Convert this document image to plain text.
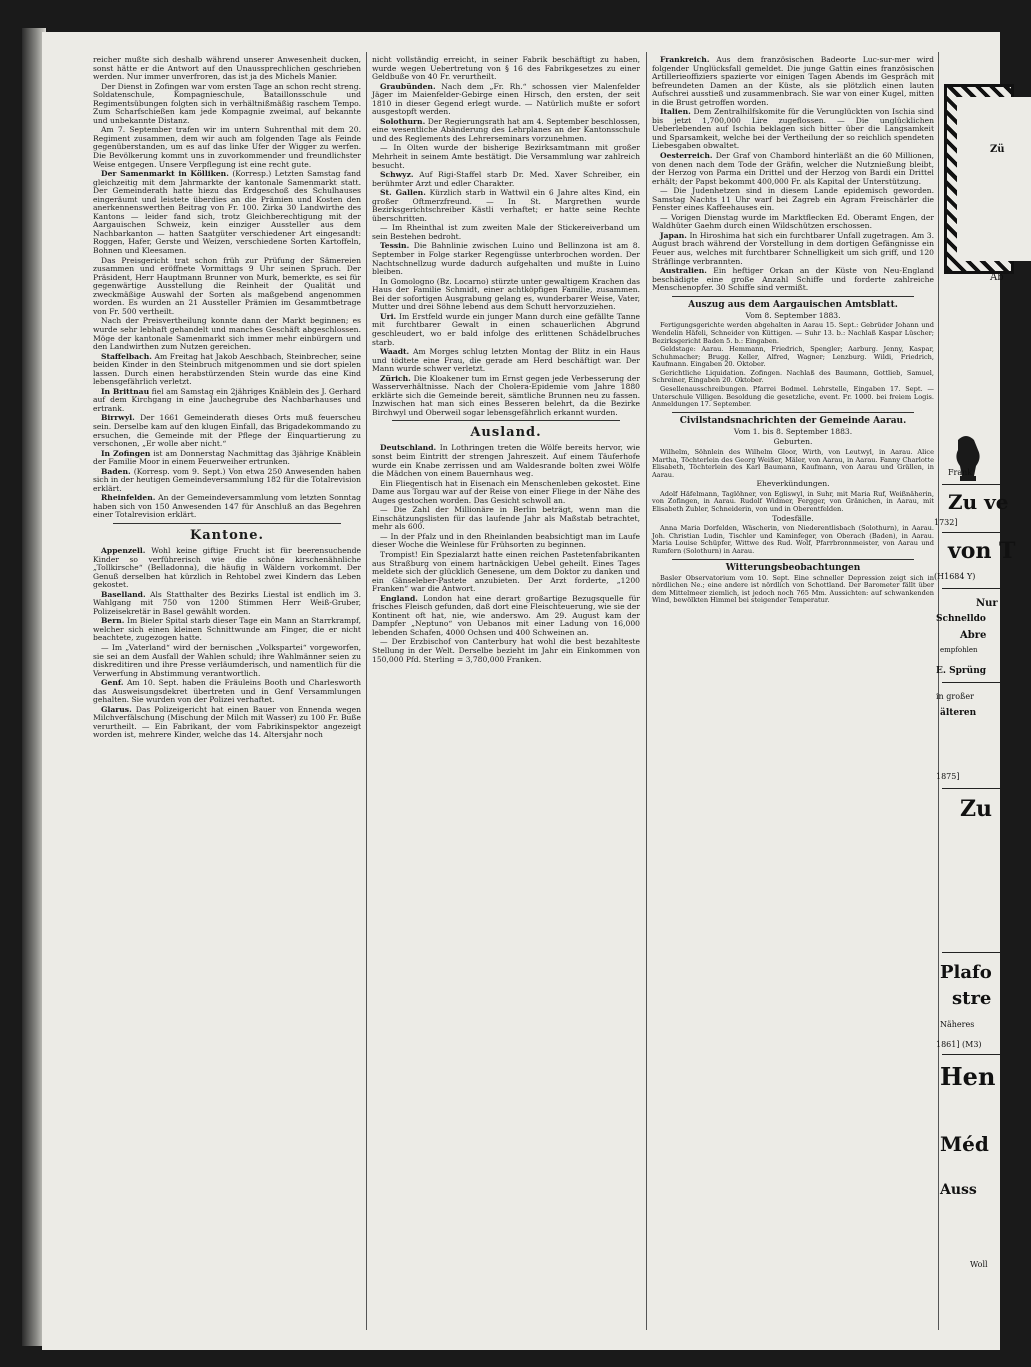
reicher mußte sich deshalb während unserer Anwesenheit ducken, sonst hätte er die Antwort auf den Unaussprechlichen geschrieben werden. Nur immer unverfroren, das ist ja des Michels Manier.

Der Dienst in Zofingen war vom ersten Tage an schon recht streng. Soldatenschule, Kompagnieschule, Bataillonsschule und Regimentsübungen folgten sich in verhältnißmäßig raschem Tempo. Zum Scharfschießen kam jede Kompagnie zweimal, auf bekannte und unbekannte Distanz.

Am 7. September trafen wir im untern Suhrenthal mit dem 20. Regiment zusammen, dem wir auch am folgenden Tage als Feinde gegenüberstanden, um es auf das linke Ufer der Wigger zu werfen. Die Bevölkerung kommt uns in zuvorkommender und freundlichster Weise entgegen. Unsere Verpflegung ist eine recht gute.

Der Samenmarkt in Kölliken. (Korresp.) Letzten Samstag fand gleichzeitig mit dem Jahrmarkte der kantonale Samenmarkt statt. Der Gemeinderath hatte hiezu das Erdgeschoß des Schulhauses eingeräumt und leistete überdies an die Prämien und Kosten den anerkennenswerthen Beitrag von Fr. 100. Zirka 30 Landwirthe des Kantons — leider fand sich, trotz Gleichberechtigung mit der Aargauischen Schweiz, kein einziger Aussteller aus dem Nachbarkanton — hatten Saatgüter verschiedener Art eingesandt: Roggen, Hafer, Gerste und Weizen, verschiedene Sorten Kartoffeln, Bohnen und Kleesamen.

Das Preisgericht trat schon früh zur Prüfung der Sämereien zusammen und eröffnete Vormittags 9 Uhr seinen Spruch. Der Präsident, Herr Hauptmann Brunner von Murk, bemerkte, es sei für gegenwärtige Ausstellung die Reinheit der Qualität und zweckmäßige Auswahl der Sorten als maßgebend angenommen worden. Es wurden an 21 Aussteller Prämien im Gesammtbetrage von Fr. 500 vertheilt.

Nach der Preisvertheilung konnte dann der Markt beginnen; es wurde sehr lebhaft gehandelt und manches Geschäft abgeschlossen. Möge der kantonale Samenmarkt sich immer mehr einbürgern und den Landwirthen zum Nutzen gereichen.

Staffelbach. Am Freitag hat Jakob Aeschbach, Steinbrecher, seine beiden Kinder in den Steinbruch mitgenommen und sie dort spielen lassen. Durch einen herabstürzenden Stein wurde das eine Kind lebensgefährlich verletzt.

In Brittnau fiel am Samstag ein 2jähriges Knäblein des J. Gerhard auf dem Kirchgang in eine Jauchegrube des Nachbarhauses und ertrank.

Birrwyl. Der 1661 Gemeinderath dieses Orts muß feuerscheu sein. Derselbe kam auf den klugen Einfall, das Brigadekommando zu ersuchen, die Gemeinde mit der Pflege der Einquartierung zu verschonen, „Er wolle aber nicht.“

In Zofingen ist am Donnerstag Nachmittag das 3jährige Knäblein der Familie Moor in einem Feuerweiher ertrunken.

Baden. (Korresp. vom 9. Sept.) Von etwa 250 Anwesenden haben sich in der heutigen Gemeindeversammlung 182 für die Totalrevision erklärt.

Rheinfelden. An der Gemeindeversammlung vom letzten Sonntag haben sich von 150 Anwesenden 147 für Anschluß an das Begehren einer Totalrevision erklärt.

Kantone.

Appenzell. Wohl keine giftige Frucht ist für beerensuchende Kinder so verführerisch wie die schöne kirschenähnliche „Tollkirsche“ (Belladonna), die häufig in Wäldern vorkommt. Der Genuß derselben hat kürzlich in Rehtobel zwei Kindern das Leben gekostet.

Baselland. Als Statthalter des Bezirks Liestal ist endlich im 3. Wahlgang mit 750 von 1200 Stimmen Herr Weiß-Gruber, Polizeisekretär in Basel gewählt worden.

Bern. Im Bieler Spital starb dieser Tage ein Mann an Starrkrampf, welcher sich einen kleinen Schnittwunde am Finger, die er nicht beachtete, zugezogen hatte.

— Im „Vaterland“ wird der bernischen „Volkspartei“ vorgeworfen, sie sei an dem Ausfall der Wahlen schuld; ihre Wahlmänner seien zu diskreditiren und ihre Presse verläumderisch, und namentlich für die Verwerfung in Abstimmung verantwortlich.

Genf. Am 10. Sept. haben die Fräuleins Booth und Charlesworth das Ausweisungsdekret übertreten und in Genf Versammlungen gehalten. Sie wurden von der Polizei verhaftet.

Glarus. Das Polizeigericht hat einen Bauer von Ennenda wegen Milchverfälschung (Mischung der Milch mit Wasser) zu 100 Fr. Buße verurtheilt. — Ein Fabrikant, der vom Fabrikinspektor angezeigt worden ist, mehrere Kinder, welche das 14. Altersjahr noch

nicht vollständig erreicht, in seiner Fabrik beschäftigt zu haben, wurde wegen Uebertretung von § 16 des Fabrikgesetzes zu einer Geldbuße von 40 Fr. verurtheilt.

Graubünden. Nach dem „Fr. Rh.“ schossen vier Malenfelder Jäger im Maienfelder-Gebirge einen Hirsch, den ersten, der seit 1810 in dieser Gegend erlegt wurde. — Natürlich mußte er sofort ausgestopft werden.

Solothurn. Der Regierungsrath hat am 4. September beschlossen, eine wesentliche Abänderung des Lehrplanes an der Kantonsschule und des Reglements des Lehrerseminars vorzunehmen.

— In Olten wurde der bisherige Bezirksamtmann mit großer Mehrheit in seinem Amte bestätigt. Die Versammlung war zahlreich besucht.

Schwyz. Auf Rigi-Staffel starb Dr. Med. Xaver Schreiber, ein berühmter Arzt und edler Charakter.

St. Gallen. Kürzlich starb in Wattwil ein 6 Jahre altes Kind, ein großer Oftmerzfreund. — In St. Margrethen wurde Bezirksgerichtschreiber Kästli verhaftet; er hatte seine Rechte überschritten.

— Im Rheinthal ist zum zweiten Male der Stickereiverband um sein Bestehen bedroht.

Tessin. Die Bahnlinie zwischen Luino und Bellinzona ist am 8. September in Folge starker Regengüsse unterbrochen worden. Der Nachtschnellzug wurde dadurch aufgehalten und mußte in Luino bleiben.

In Gomologno (Bz. Locarno) stürzte unter gewaltigem Krachen das Haus der Familie Schmidt, einer achtköpfigen Familie, zusammen. Bei der sofortigen Ausgrabung gelang es, wunderbarer Weise, Vater, Mutter und drei Söhne lebend aus dem Schutt hervorzuziehen.

Uri. Im Erstfeld wurde ein junger Mann durch eine gefällte Tanne mit furchtbarer Gewalt in einen schauerlichen Abgrund geschleudert, wo er bald infolge des erlittenen Schädelbruches starb.

Waadt. Am Morges schlug letzten Montag der Blitz in ein Haus und tödtete eine Frau, die gerade am Herd beschäftigt war. Der Mann wurde schwer verletzt.

Zürich. Die Kloakener tum im Ernst gegen jede Verbesserung der Wasserverhältnisse. Nach der Cholera-Epidemie vom Jahre 1880 erklärte sich die Gemeinde bereit, sämtliche Brunnen neu zu fassen. Inzwischen hat man sich eines Besseren belehrt, da die Bezirke Birchwyl und Oberweil sogar lebensgefährlich erkannt wurden.

Ausland.

Deutschland. In Lothringen treten die Wölfe bereits hervor, wie sonst beim Eintritt der strengen Jahreszeit. Auf einem Täuferhofe wurde ein Knabe zerrissen und am Waldesrande bolten zwei Wölfe die Mädchen von einem Bauernhaus weg.

Ein Fliegentisch hat in Eisenach ein Menschenleben gekostet. Eine Dame aus Torgau war auf der Reise von einer Fliege in der Nähe des Auges gestochen worden. Das Gesicht schwoll an.

— Die Zahl der Millionäre in Berlin beträgt, wenn man die Einschätzungslisten für das laufende Jahr als Maßstab betrachtet, mehr als 600.

— In der Pfalz und in den Rheinlanden beabsichtigt man im Laufe dieser Woche die Weinlese für Frühsorten zu beginnen.

Trompist! Ein Spezialarzt hatte einen reichen Pastetenfabrikanten aus Straßburg von einem hartnäckigen Uebel geheilt. Eines Tages meldete sich der glücklich Genesene, um dem Doktor zu danken und ein Gänseleber-Pastete anzubieten. Der Arzt forderte, „1200 Franken“ war die Antwort.

England. London hat eine derart großartige Bezugsquelle für frisches Fleisch gefunden, daß dort eine Fleischteuerung, wie sie der Kontinent oft hat, nie, wie anderswo. Am 29. August kam der Dampfer „Neptuno“ von Uebanos mit einer Ladung von 16,000 lebenden Schafen, 4000 Ochsen und 400 Schweinen an.

— Der Erzbischof von Canterbury hat wohl die best bezahlteste Stellung in der Welt. Derselbe bezieht im Jahr ein Einkommen von 150,000 Pfd. Sterling = 3,780,000 Franken.

Frankreich. Aus dem französischen Badeorte Luc-sur-mer wird folgender Unglücksfall gemeldet. Die junge Gattin eines französischen Artillerieoffiziers spazierte vor einigen Tagen Abends im Gespräch mit befreundeten Damen an der Küste, als sie plötzlich einen lauten Aufschrei ausstieß und zusammenbrach. Sie war von einer Kugel, mitten in die Brust getroffen worden.

Italien. Dem Zentralhilfskomite für die Verunglückten von Ischia sind bis jetzt 1,700,000 Lire zugeflossen. — Die unglücklichen Ueberlebenden auf Ischia beklagen sich bitter über die Langsamkeit und Sparsamkeit, welche bei der Vertheilung der so reichlich spendeten Liebesgaben obwaltet.

Oesterreich. Der Graf von Chambord hinterläßt an die 60 Millionen, von denen nach dem Tode der Gräfin, welcher die Nutznießung bleibt, der Herzog von Parma ein Drittel und der Herzog von Bardi ein Drittel erhält; der Papst bekommt 400,000 Fr. als Kapital der Unterstützung.

— Die Judenhetzen sind in diesem Lande epidemisch geworden. Samstag Nachts 11 Uhr warf bei Zagreb ein Agram Freischärler die Fenster eines Kaffeehauses ein.

— Vorigen Dienstag wurde im Marktflecken Ed. Oberamt Engen, der Waldhüter Gaehm durch einen Wildschützen erschossen.

Japan. In Hiroshima hat sich ein furchtbarer Unfall zugetragen. Am 3. August brach während der Vorstellung in dem dortigen Gefängnisse ein Feuer aus, welches mit furchtbarer Schnelligkeit um sich griff, und 120 Sträflinge verbrannten.

Australien. Ein heftiger Orkan an der Küste von Neu-England beschädigte eine große Anzahl Schiffe und forderte zahlreiche Menschenopfer. 30 Schiffe sind vermißt.

Auszug aus dem Aargauischen Amtsblatt.
Vom 8. September 1883.

Fertigungsgerichte werden abgehalten in Aarau 15. Sept.: Gebrüder Johann und Wendelin Häfeli, Schneider von Küttigen. — Suhr 13. b.: Nachlaß Kaspar Lüscher; Bezirksgericht Baden 5. b.: Eingaben.

Geldstage: Aarau. Hemmann, Friedrich, Spengler; Aarburg. Jenny, Kaspar, Schuhmacher; Brugg. Keller, Alfred, Wagner; Lenzburg. Wildi, Friedrich, Kaufmann. Eingaben 20. Oktober.

Gerichtliche Liquidation. Zofingen. Nachlaß des Baumann, Gottlieb, Samuel, Schreiner, Eingaben 20. Oktober.

Gesellenausschreibungen. Pfarrei Bodmel. Lehrstelle, Eingaben 17. Sept. — Unterschule Villigen. Besoldung die gesetzliche, event. Fr. 1000. bei freiem Logis. Anmeldungen 17. September.

Civilstandsnachrichten der Gemeinde Aarau.
Vom 1. bis 8. September 1883.
Geburten.

Wilhelm, Söhnlein des Wilhelm Gloor, Wirth, von Leutwyl, in Aarau. Alice Martha, Töchterlein des Georg Weißer, Mäler, von Aarau, in Aarau. Fanny Charlotte Elisabeth, Töchterlein des Karl Baumann, Kaufmann, von Aarau und Grällen, in Aarau.

Eheverkündungen.

Adolf Häfelmann, Taglöhner, von Egliswyl, in Suhr, mit Maria Ruf, Weißnäherin, von Zofingen, in Aarau. Rudolf Widmer, Fergger, von Gränichen, in Aarau, mit Elisabeth Zubler, Schneiderin, von und in Oberentfelden.

Todesfälle.

Anna Maria Dorfelden, Wäscherin, von Niederentlisbach (Solothurn), in Aarau. Joh. Christian Ludin, Tischler und Kaminfeger, von Oberach (Baden), in Aarau. Maria Louise Schüpfer, Wittwe des Rud. Wolf, Pfarrbronnmeister, von Aarau und Rumfern (Solothurn) in Aarau.

Witterungsbeobachtungen

Basler Observatorium vom 10. Sept. Eine schneller Depression zeigt sich in nördlichen Ne.; eine andere ist nördlich von Schottland. Der Barometer fällt über dem Mittelmeer ziemlich, ist jedoch noch 765 Mm. Aussichten: auf schwankenden Wind, bewölkten Himmel bei steigender Temperatur.

Zü
Ab
Frank
Zu ve
1732]
von T
(H1684 Y)
Nur
Schnelldo
Abre
empfohlen
E. Sprüng
in großer
älteren
1875]
Zu
Plafo
stre
Näheres
1861] (M3)
Hen
Méd
Auss
Woll
